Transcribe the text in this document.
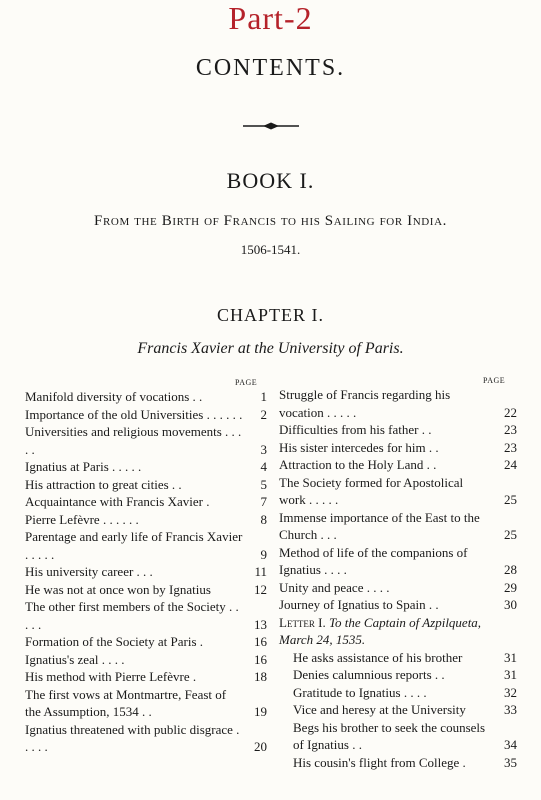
Part-2
CONTENTS.
BOOK I.
From the Birth of Francis to his Sailing for India.
1506-1541.
CHAPTER I.
Francis Xavier at the University of Paris.
PAGE	PAGE
Manifold diversity of vocations . .	1
Importance of the old Universities . . . . . .	2
Universities and religious movements . . . . .	3
Ignatius at Paris . . . . .	4
His attraction to great cities . .	5
Acquaintance with Francis Xavier .	7
Pierre Lefèvre . . . . . .	8
Parentage and early life of Francis Xavier . . . . .	9
His university career . . .	11
He was not at once won by Ignatius	12
The other first members of the Society . . . . .	13
Formation of the Society at Paris .	16
Ignatius's zeal . . . .	16
His method with Pierre Lefèvre .	18
The first vows at Montmartre, Feast of the Assumption, 1534 . .	19
Ignatius threatened with public disgrace . . . . .	20
Struggle of Francis regarding his vocation . . . . .	22
Difficulties from his father . .	23
His sister intercedes for him . .	23
Attraction to the Holy Land . .	24
The Society formed for Apostolical work . . . . .	25
Immense importance of the East to the Church . . .	25
Method of life of the companions of Ignatius . . . .	28
Unity and peace . . . .	29
Journey of Ignatius to Spain . .	30
Letter I. To the Captain of Azpilqueta, March 24, 1535.
He asks assistance of his brother	31
Denies calumnious reports . .	31
Gratitude to Ignatius . . . .	32
Vice and heresy at the University	33
Begs his brother to seek the counsels of Ignatius . .	34
His cousin's flight from College .	35
